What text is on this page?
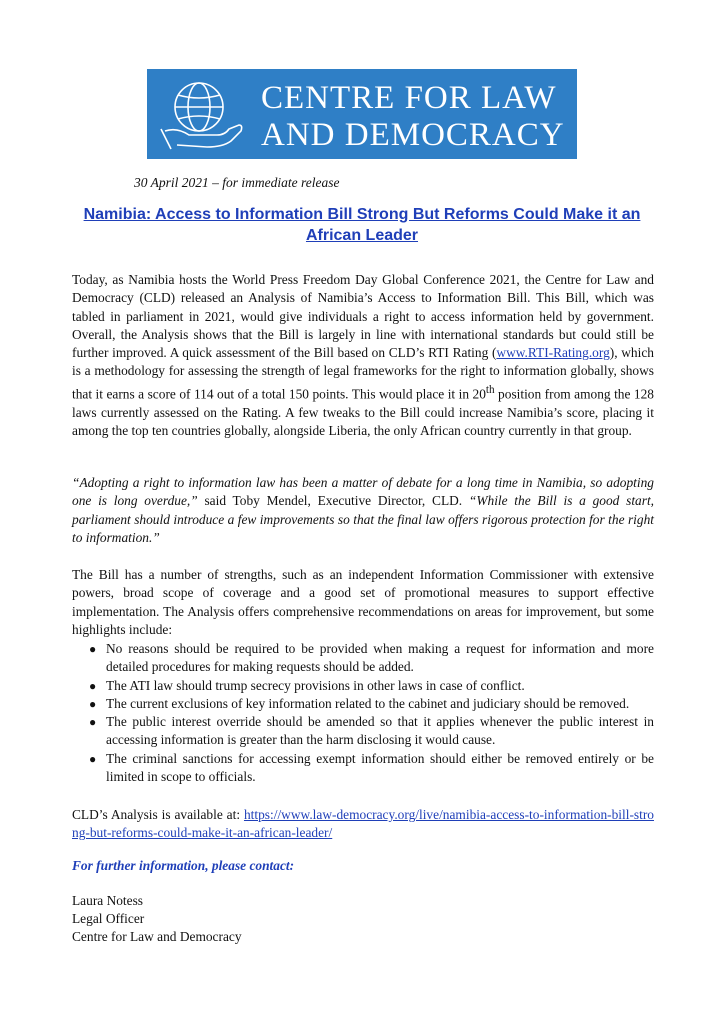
CENTRE FOR LAW
AND DEMOCRACY
30 April 2021 – for immediate release
Namibia: Access to Information Bill Strong But Reforms Could Make it an African Leader

Today, as Namibia hosts the World Press Freedom Day Global Conference 2021, the Centre for Law and Democracy (CLD) released an Analysis of Namibia’s Access to Information Bill. This Bill, which was tabled in parliament in 2021, would give individuals a right to access information held by government. Overall, the Analysis shows that the Bill is largely in line with international standards but could still be further improved. A quick assessment of the Bill based on CLD’s RTI Rating (www.RTI-Rating.org), which is a methodology for assessing the strength of legal frameworks for the right to information globally, shows that it earns a score of 114 out of a total 150 points. This would place it in 20th position from among the 128 laws currently assessed on the Rating. A few tweaks to the Bill could increase Namibia’s score, placing it among the top ten countries globally, alongside Liberia, the only African country currently in that group.

“Adopting a right to information law has been a matter of debate for a long time in Namibia, so adopting one is long overdue,” said Toby Mendel, Executive Director, CLD. “While the Bill is a good start, parliament should introduce a few improvements so that the final law offers rigorous protection for the right to information.”

The Bill has a number of strengths, such as an independent Information Commissioner with extensive powers, broad scope of coverage and a good set of promotional measures to support effective implementation. The Analysis offers comprehensive recommendations on areas for improvement, but some highlights include:

● No reasons should be required to be provided when making a request for information and more detailed procedures for making requests should be added.
● The ATI law should trump secrecy provisions in other laws in case of conflict.
● The current exclusions of key information related to the cabinet and judiciary should be removed.
● The public interest override should be amended so that it applies whenever the public interest in accessing information is greater than the harm disclosing it would cause.
● The criminal sanctions for accessing exempt information should either be removed entirely or be limited in scope to officials.

CLD’s Analysis is available at: https://www.law-democracy.org/live/namibia-access-to-information-bill-strong-but-reforms-could-make-it-an-african-leader/

For further information, please contact:
Laura Notess
Legal Officer
Centre for Law and Democracy
